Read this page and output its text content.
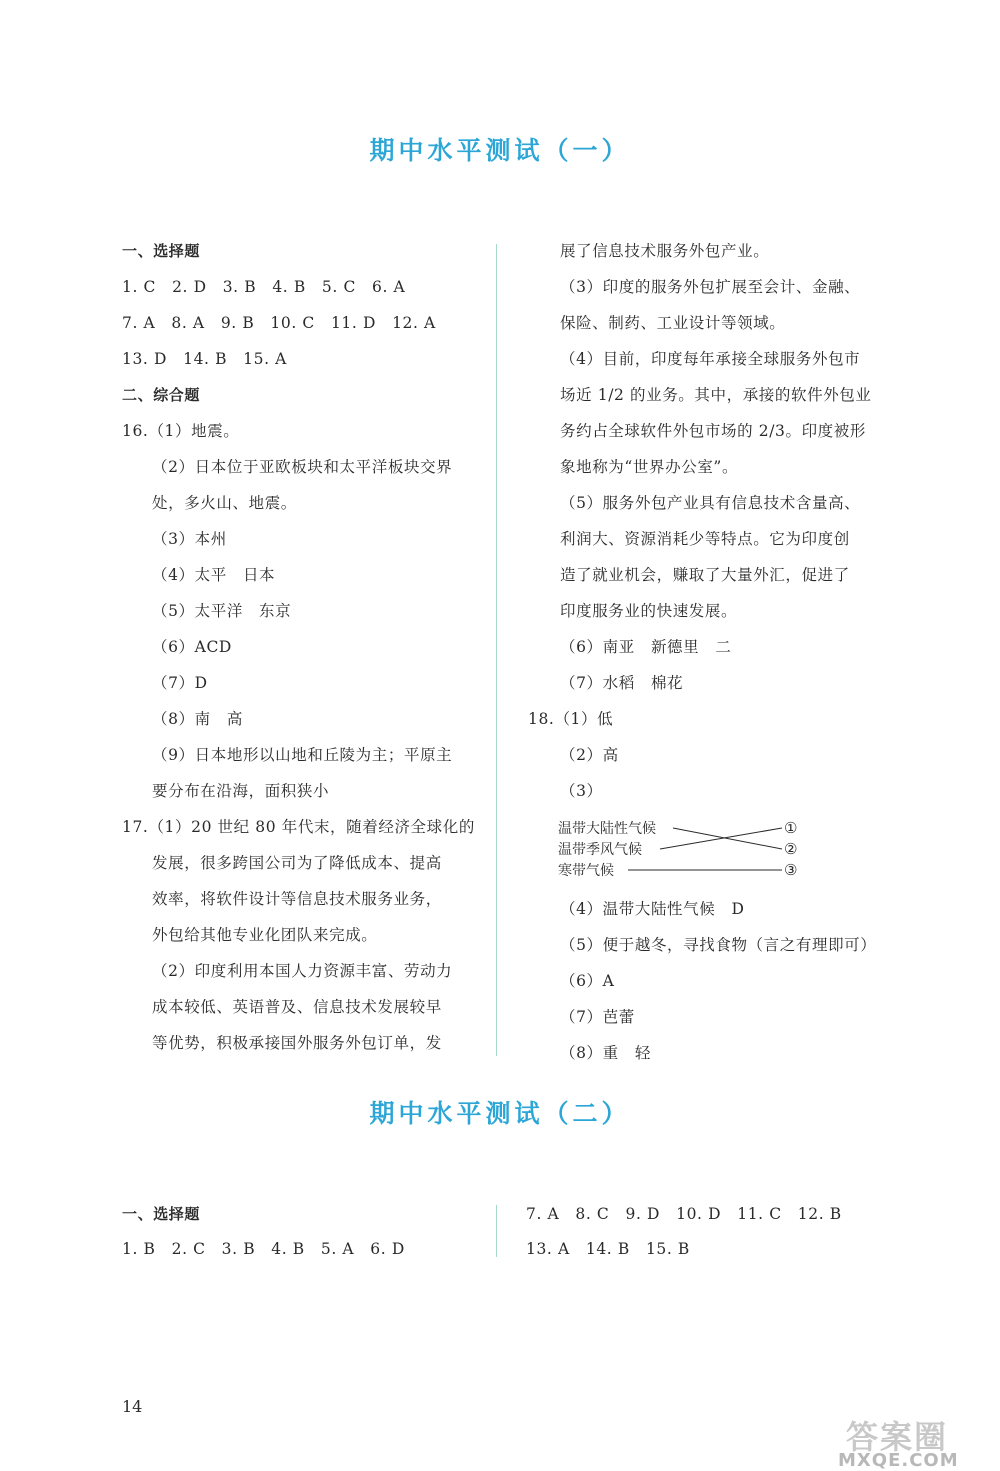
期中水平测试（一）
期中水平测试（二）
一、选择题
1. C　2. D　3. B　4. B　5. C　6. A
7. A　8. A　9. B　10. C　11. D　12. A
13. D　14. B　15. A
二、综合题
16.（1）地震。
（2）日本位于亚欧板块和太平洋板块交界
处，多火山、地震。
（3）本州
（4）太平　日本
（5）太平洋　东京
（6）ACD
（7）D
（8）南　高
（9）日本地形以山地和丘陵为主；平原主
要分布在沿海，面积狭小
17.（1）20 世纪 80 年代末，随着经济全球化的
发展，很多跨国公司为了降低成本、提高
效率，将软件设计等信息技术服务业务，
外包给其他专业化团队来完成。
（2）印度利用本国人力资源丰富、劳动力
成本较低、英语普及、信息技术发展较早
等优势，积极承接国外服务外包订单，发
展了信息技术服务外包产业。
（3）印度的服务外包扩展至会计、金融、
保险、制药、工业设计等领域。
（4）目前，印度每年承接全球服务外包市
场近 1/2 的业务。其中，承接的软件外包业
务约占全球软件外包市场的 2/3。印度被形
象地称为“世界办公室”。
（5）服务外包产业具有信息技术含量高、
利润大、资源消耗少等特点。它为印度创
造了就业机会，赚取了大量外汇，促进了
印度服务业的快速发展。
（6）南亚　新德里　二
（7）水稻　棉花
18.（1）低
（2）高
（3）
温带大陆性气候
温带季风气候
寒带气候
①
②
③
（4）温带大陆性气候　D
（5）便于越冬，寻找食物（言之有理即可）
（6）A
（7）芭蕾
（8）重　轻
一、选择题
1. B　2. C　3. B　4. B　5. A　6. D
7. A　8. C　9. D　10. D　11. C　12. B
13. A　14. B　15. B
14
答案圈
MXQE.COM
